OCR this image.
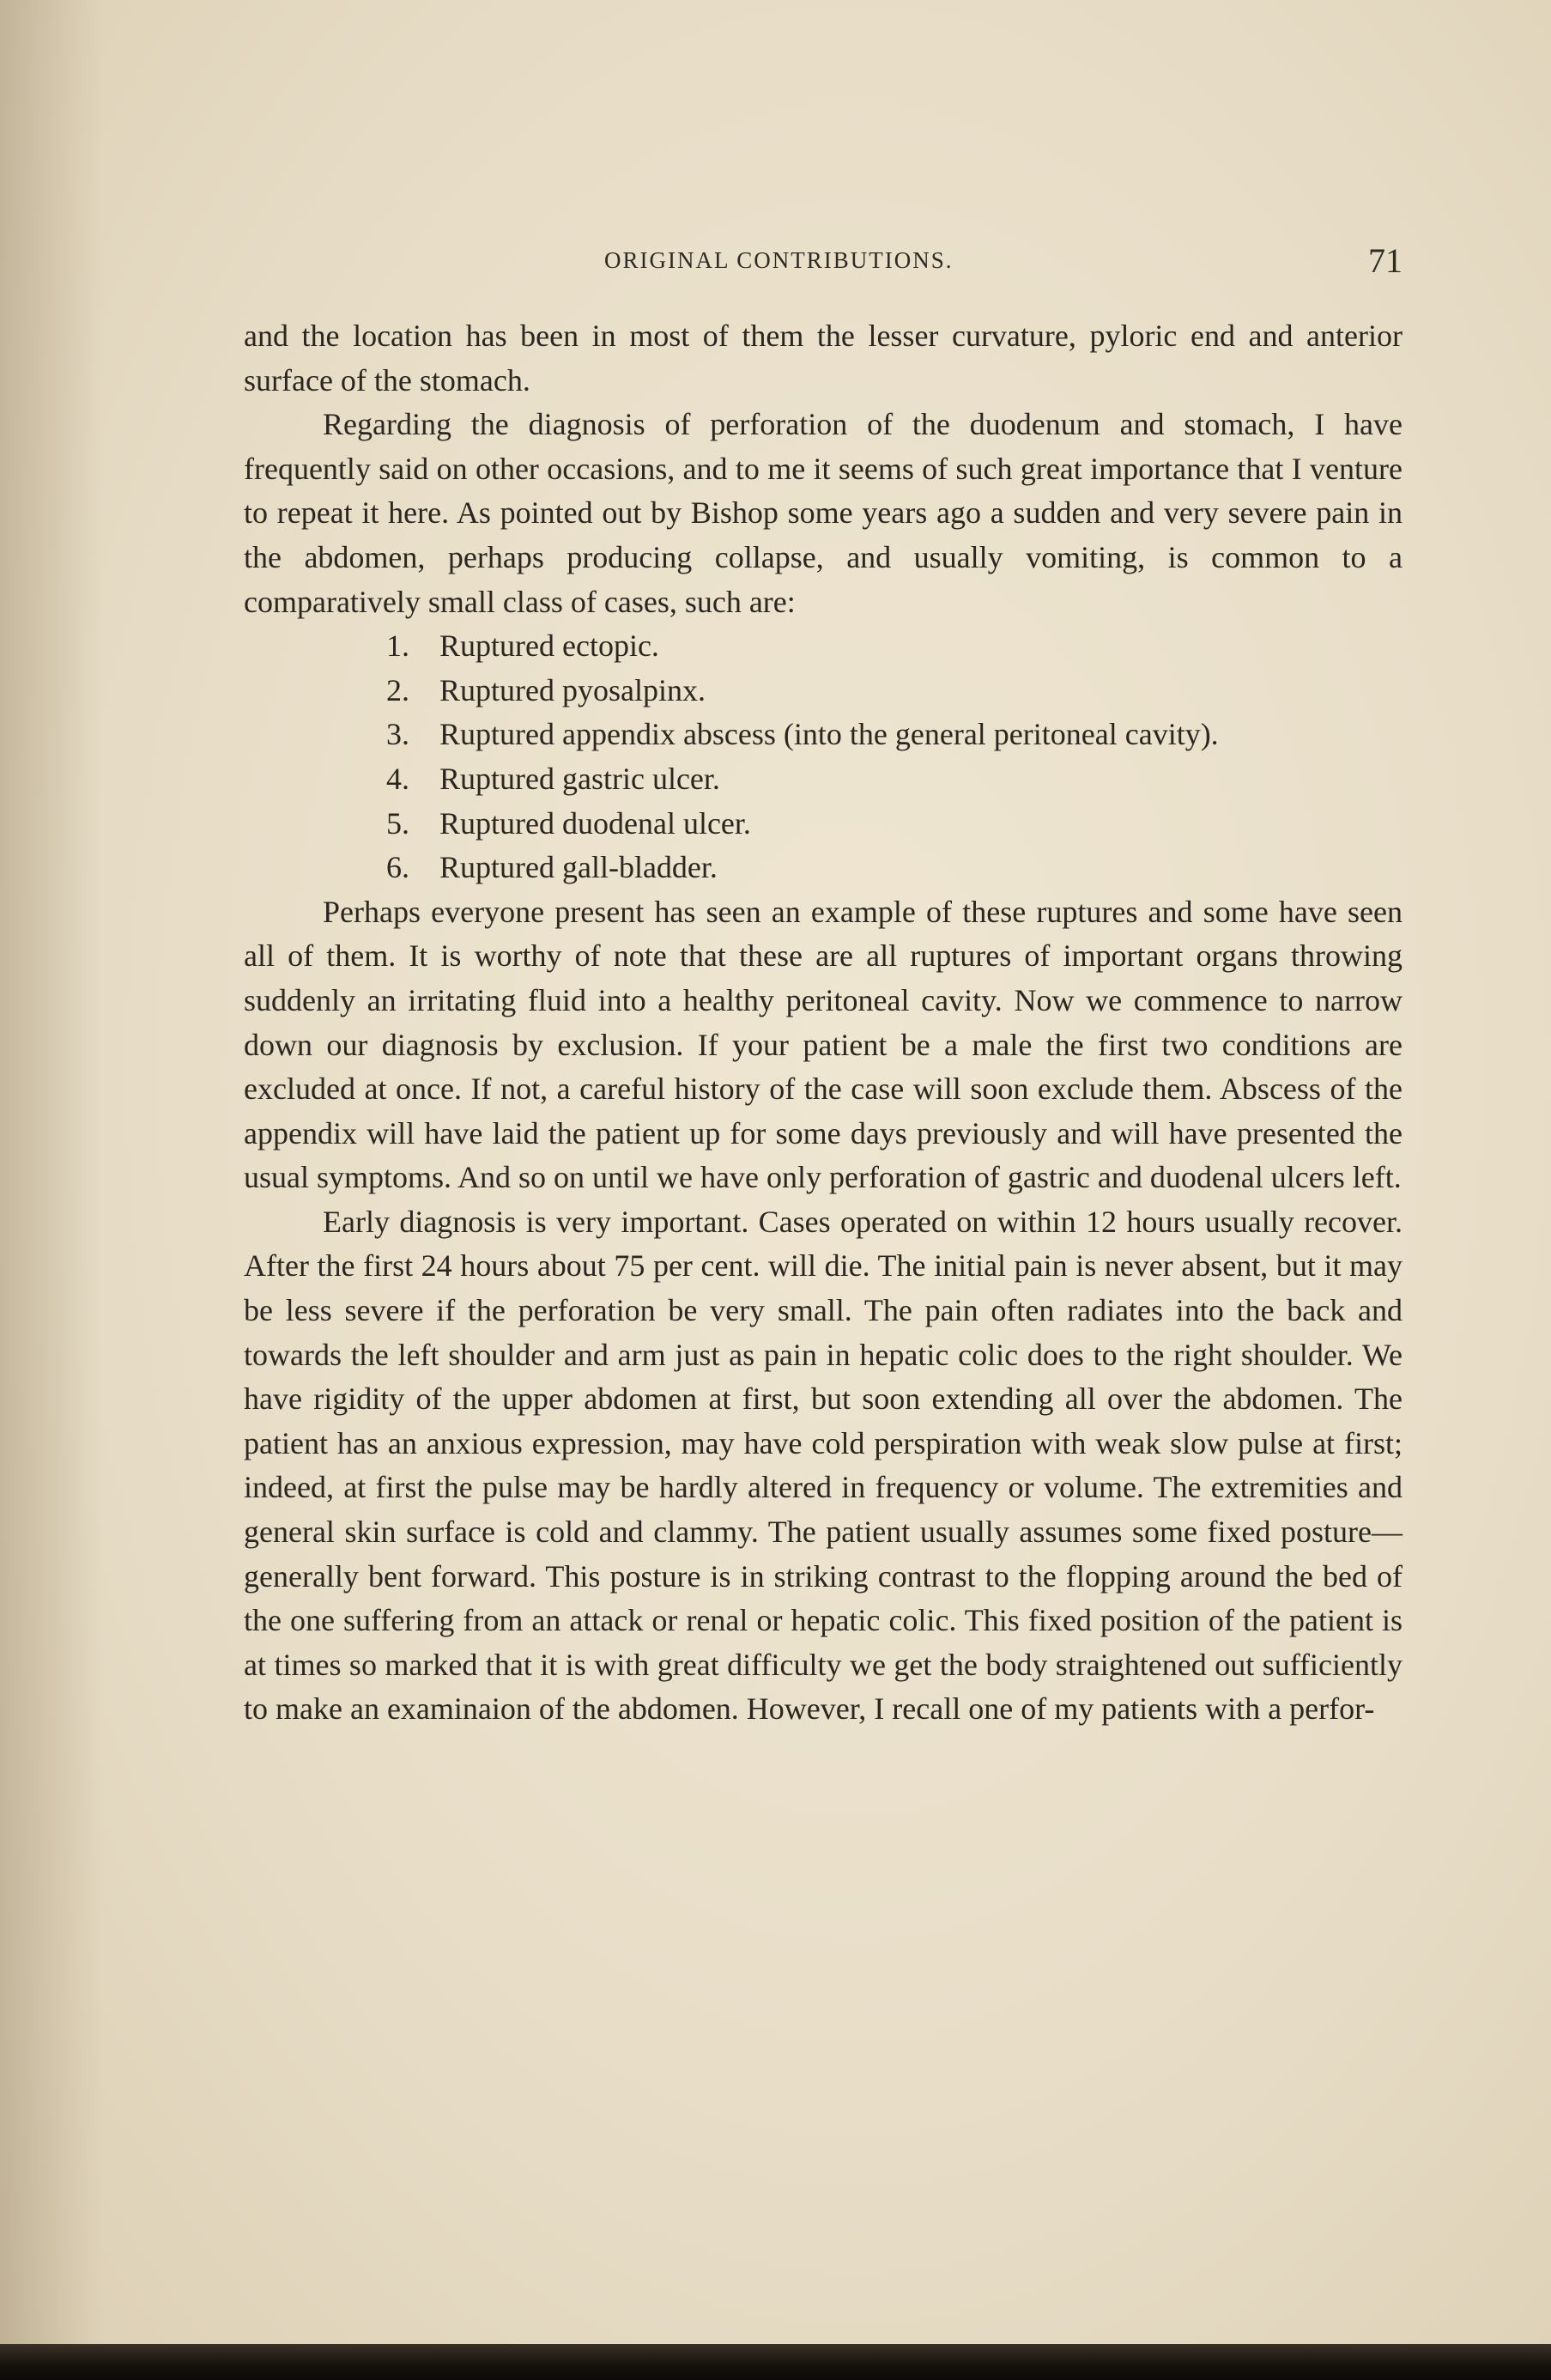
ORIGINAL CONTRIBUTIONS.	71

and the location has been in most of them the lesser curvature, pyloric end and anterior surface of the stomach.

Regarding the diagnosis of perforation of the duodenum and stomach, I have frequently said on other occasions, and to me it seems of such great importance that I venture to repeat it here. As pointed out by Bishop some years ago a sudden and very severe pain in the abdomen, perhaps producing collapse, and usually vomiting, is common to a comparatively small class of cases, such are:

1. Ruptured ectopic.
2. Ruptured pyosalpinx.
3. Ruptured appendix abscess (into the general peritoneal cavity).
4. Ruptured gastric ulcer.
5. Ruptured duodenal ulcer.
6. Ruptured gall-bladder.

Perhaps everyone present has seen an example of these ruptures and some have seen all of them. It is worthy of note that these are all ruptures of important organs throwing suddenly an irritating fluid into a healthy peritoneal cavity. Now we commence to narrow down our diagnosis by exclusion. If your patient be a male the first two conditions are excluded at once. If not, a careful history of the case will soon exclude them. Abscess of the appendix will have laid the patient up for some days previously and will have presented the usual symptoms. And so on until we have only perforation of gastric and duodenal ulcers left.

Early diagnosis is very important. Cases operated on within 12 hours usually recover. After the first 24 hours about 75 per cent. will die. The initial pain is never absent, but it may be less severe if the perforation be very small. The pain often radiates into the back and towards the left shoulder and arm just as pain in hepatic colic does to the right shoulder. We have rigidity of the upper abdomen at first, but soon extending all over the abdomen. The patient has an anxious expression, may have cold perspiration with weak slow pulse at first; indeed, at first the pulse may be hardly altered in frequency or volume. The extremities and general skin surface is cold and clammy. The patient usually assumes some fixed posture—generally bent forward. This posture is in striking contrast to the flopping around the bed of the one suffering from an attack or renal or hepatic colic. This fixed position of the patient is at times so marked that it is with great difficulty we get the body straightened out sufficiently to make an examinaion of the abdomen. However, I recall one of my patients with a perfor-
